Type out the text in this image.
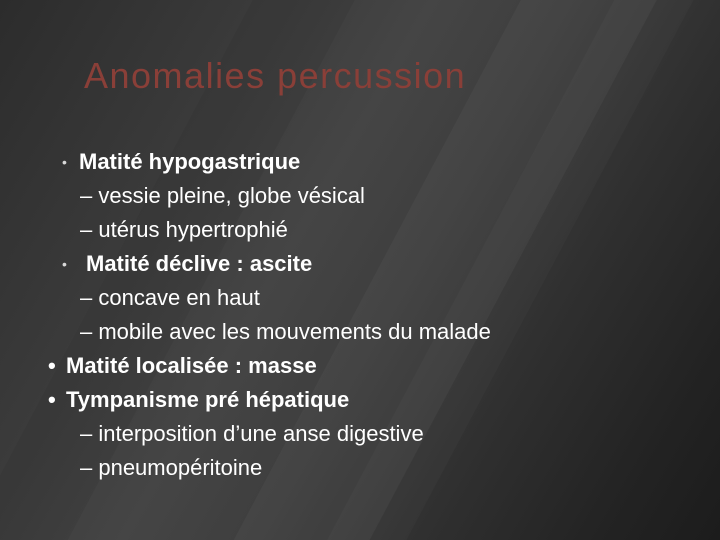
Anomalies percussion
• Matité hypogastrique
– vessie pleine, globe vésical
– utérus hypertrophié
• Matité déclive : ascite
– concave en haut
– mobile avec les mouvements du malade
• Matité localisée : masse
• Tympanisme pré hépatique
– interposition d’une anse digestive
– pneumopéritoine
